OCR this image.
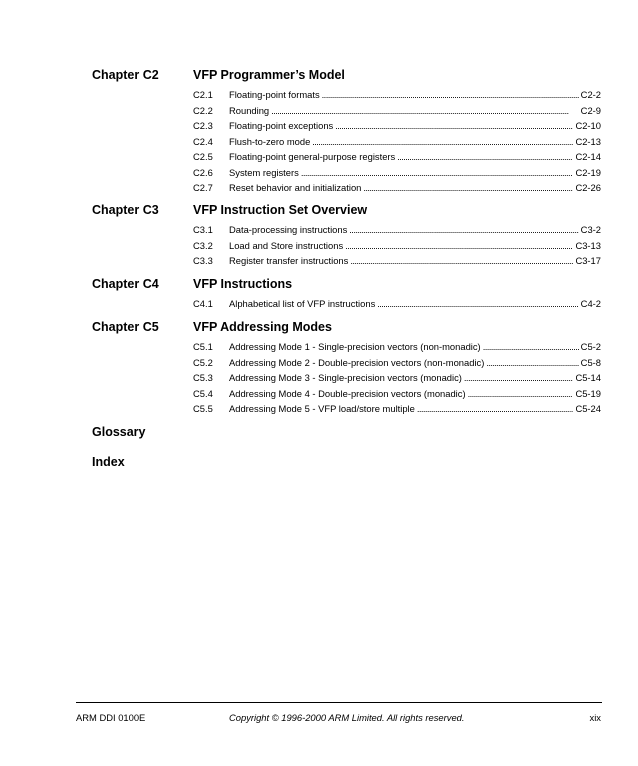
Chapter C2	VFP Programmer’s Model
C2.1	Floating-point formats . . .	C2-2
C2.2	Rounding . . .	C2-9
C2.3	Floating-point exceptions . . .	C2-10
C2.4	Flush-to-zero mode . . .	C2-13
C2.5	Floating-point general-purpose registers . . .	C2-14
C2.6	System registers . . .	C2-19
C2.7	Reset behavior and initialization . . .	C2-26
Chapter C3	VFP Instruction Set Overview
C3.1	Data-processing instructions . . .	C3-2
C3.2	Load and Store instructions . . .	C3-13
C3.3	Register transfer instructions . . .	C3-17
Chapter C4	VFP Instructions
C4.1	Alphabetical list of VFP instructions . . .	C4-2
Chapter C5	VFP Addressing Modes
C5.1	Addressing Mode 1 - Single-precision vectors (non-monadic) . . .	C5-2
C5.2	Addressing Mode 2 - Double-precision vectors (non-monadic) . . .	C5-8
C5.3	Addressing Mode 3 - Single-precision vectors (monadic) . . .	C5-14
C5.4	Addressing Mode 4 - Double-precision vectors (monadic) . . .	C5-19
C5.5	Addressing Mode 5 - VFP load/store multiple . . .	C5-24
Glossary
Index
ARM DDI 0100E	Copyright © 1996-2000 ARM Limited. All rights reserved.	xix
